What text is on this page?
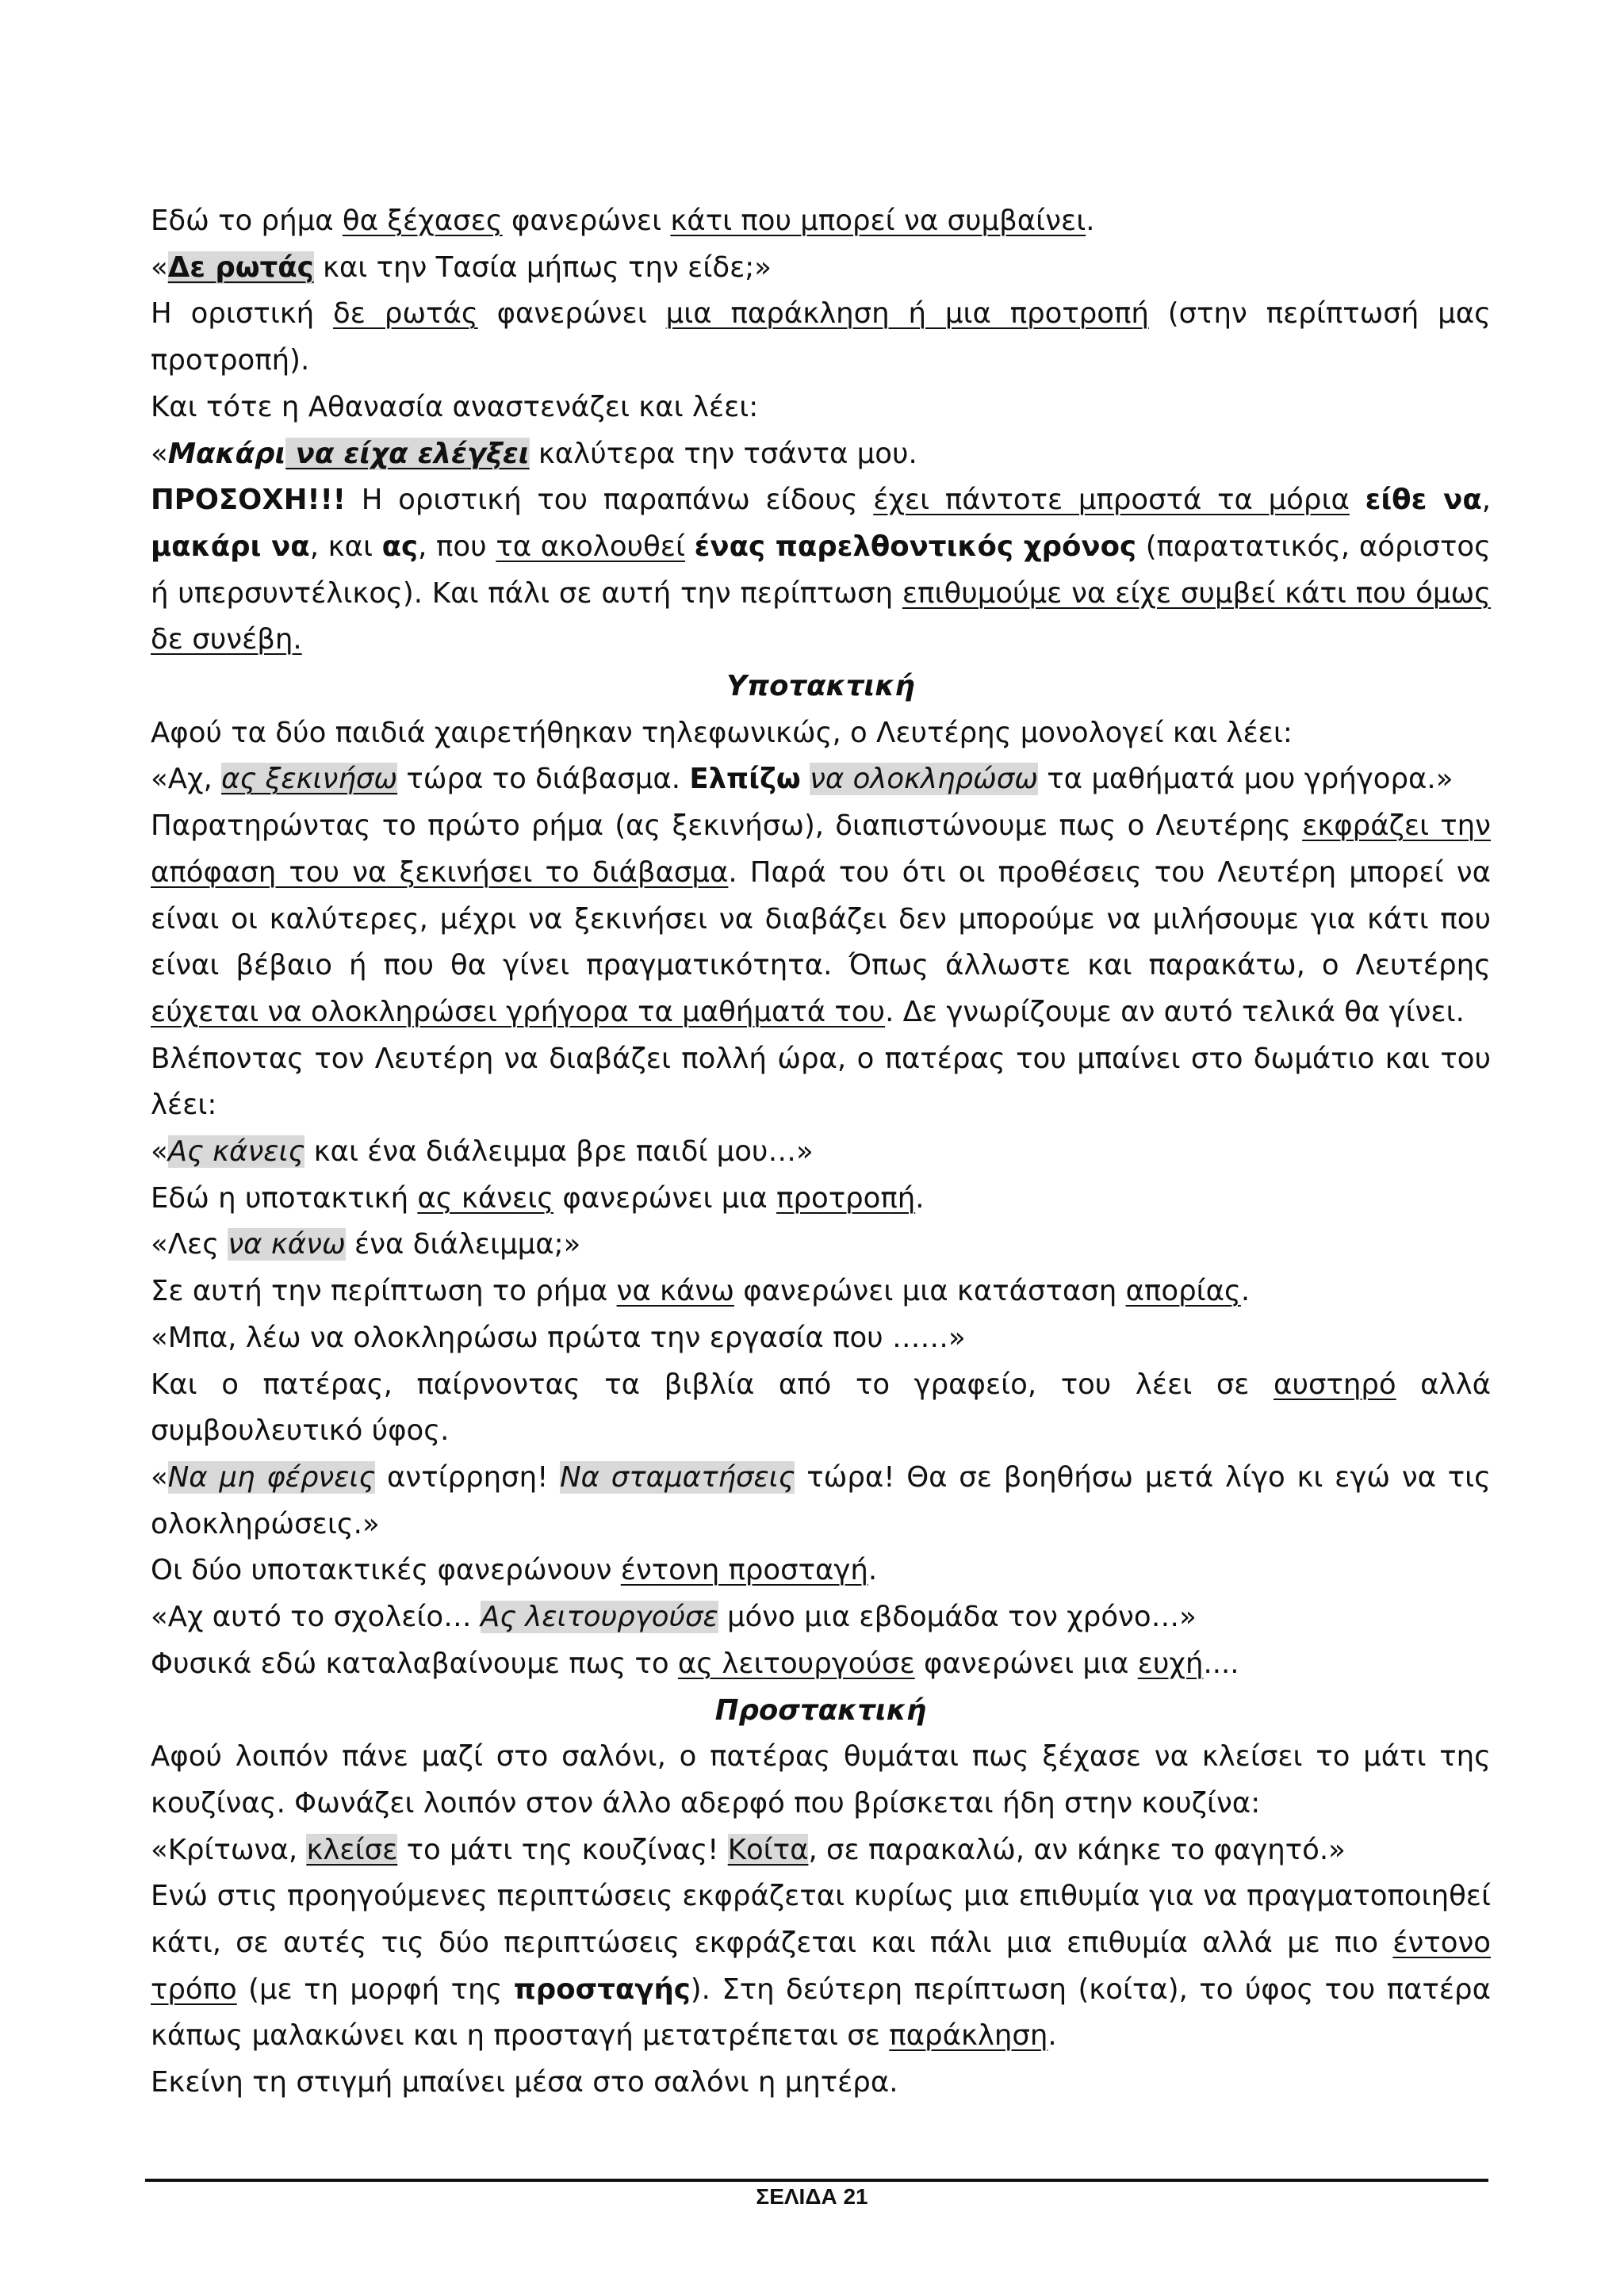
Εδώ το ρήμα θα ξέχασες φανερώνει κάτι που μπορεί να συμβαίνει.

«Δε ρωτάς και την Τασία μήπως την είδε;»

Η οριστική δε ρωτάς φανερώνει μια παράκληση ή μια προτροπή (στην περίπτωσή μας προτροπή).

Και τότε η Αθανασία αναστενάζει και λέει:

«Μακάρι να είχα ελέγξει καλύτερα την τσάντα μου.

ΠΡΟΣΟΧΗ!!! Η οριστική του παραπάνω είδους έχει πάντοτε μπροστά τα μόρια είθε να, μακάρι να, και ας, που τα ακολουθεί ένας παρελθοντικός χρόνος (παρατατικός, αόριστος ή υπερσυντέλικος). Και πάλι σε αυτή την περίπτωση επιθυμούμε να είχε συμβεί κάτι που όμως δε συνέβη.

Υποτακτική

Αφού τα δύο παιδιά χαιρετήθηκαν τηλεφωνικώς, ο Λευτέρης μονολογεί και λέει:

«Αχ, ας ξεκινήσω τώρα το διάβασμα. Ελπίζω να ολοκληρώσω τα μαθήματά μου γρήγορα.»

Παρατηρώντας το πρώτο ρήμα (ας ξεκινήσω), διαπιστώνουμε πως ο Λευτέρης εκφράζει την απόφαση του να ξεκινήσει το διάβασμα. Παρά του ότι οι προθέσεις του Λευτέρη μπορεί να είναι οι καλύτερες, μέχρι να ξεκινήσει να διαβάζει δεν μπορούμε να μιλήσουμε για κάτι που είναι βέβαιο ή που θα γίνει πραγματικότητα. Όπως άλλωστε και παρακάτω, ο Λευτέρης εύχεται να ολοκληρώσει γρήγορα τα μαθήματά του. Δε γνωρίζουμε αν αυτό τελικά θα γίνει.

Βλέποντας τον Λευτέρη να διαβάζει πολλή ώρα, ο πατέρας του μπαίνει στο δωμάτιο και του λέει:

«Ας κάνεις και ένα διάλειμμα βρε παιδί μου…»

Εδώ η υποτακτική ας κάνεις φανερώνει μια προτροπή.

«Λες να κάνω ένα διάλειμμα;»

Σε αυτή την περίπτωση το ρήμα να κάνω φανερώνει μια κατάσταση απορίας.

«Μπα, λέω να ολοκληρώσω πρώτα την εργασία που ……»

Και ο πατέρας, παίρνοντας τα βιβλία από το γραφείο, του λέει σε αυστηρό αλλά συμβουλευτικό ύφος.

«Να μη φέρνεις αντίρρηση! Να σταματήσεις τώρα! Θα σε βοηθήσω μετά λίγο κι εγώ να τις ολοκληρώσεις.»

Οι δύο υποτακτικές φανερώνουν έντονη προσταγή.

«Αχ αυτό το σχολείο… Ας λειτουργούσε μόνο μια εβδομάδα τον χρόνο…»

Φυσικά εδώ καταλαβαίνουμε πως το ας λειτουργούσε φανερώνει μια ευχή....

Προστακτική

Αφού λοιπόν πάνε μαζί στο σαλόνι, ο πατέρας θυμάται πως ξέχασε να κλείσει το μάτι της κουζίνας. Φωνάζει λοιπόν στον άλλο αδερφό που βρίσκεται ήδη στην κουζίνα:

«Κρίτωνα, κλείσε το μάτι της κουζίνας! Κοίτα, σε παρακαλώ, αν κάηκε το φαγητό.»

Ενώ στις προηγούμενες περιπτώσεις εκφράζεται κυρίως μια επιθυμία για να πραγματοποιηθεί κάτι, σε αυτές τις δύο περιπτώσεις εκφράζεται και πάλι μια επιθυμία αλλά με πιο έντονο τρόπο (με τη μορφή της προσταγής). Στη δεύτερη περίπτωση (κοίτα), το ύφος του πατέρα κάπως μαλακώνει και η προσταγή μετατρέπεται σε παράκληση.

Εκείνη τη στιγμή μπαίνει μέσα στο σαλόνι η μητέρα.

ΣΕΛΙΔΑ 21
